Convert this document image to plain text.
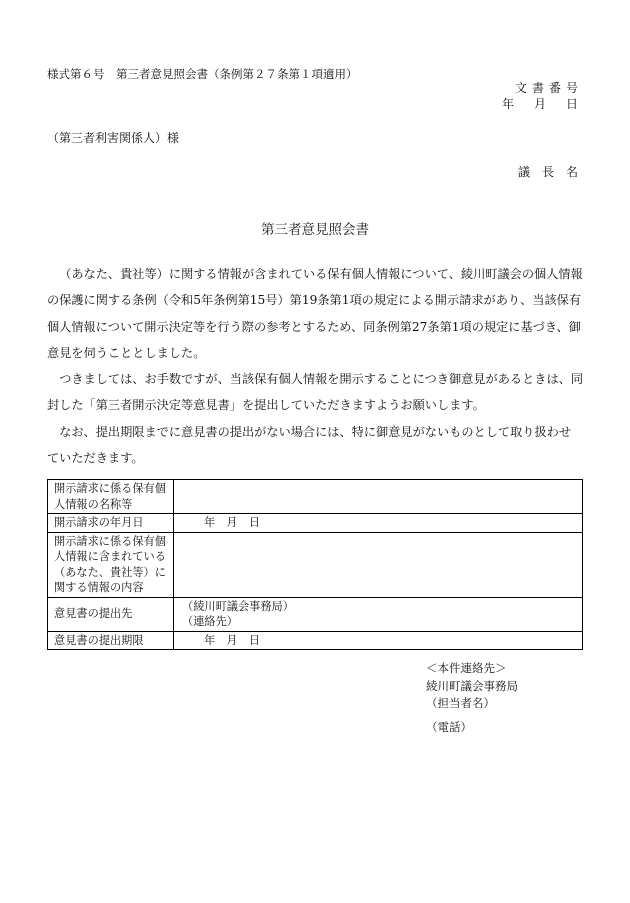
様式第６号　第三者意見照会書（条例第２７条第１項適用）
文書番号
年　月　日
（第三者利害関係人）様
議長名
第三者意見照会書

（あなた、貴社等）に関する情報が含まれている保有個人情報について、綾川町議会の個人情報の保護に関する条例（令和5年条例第15号）第19条第1項の規定による開示請求があり、当該保有個人情報について開示決定等を行う際の参考とするため、同条例第27条第1項の規定に基づき、御意見を伺うこととしました。

つきましては、お手数ですが、当該保有個人情報を開示することにつき御意見があるときは、同封した「第三者開示決定等意見書」を提出していただきますようお願いします。

なお、提出期限までに意見書の提出がない場合には、特に御意見がないものとして取り扱わせていただきます。

開示請求に係る保有個人情報の名称等	
開示請求の年月日	年　月　日
開示請求に係る保有個人情報に含まれている（あなた、貴社等）に関する情報の内容	
意見書の提出先	（綾川町議会事務局）
（連絡先）

意見書の提出期限	年　月　日
＜本件連絡先＞
綾川町議会事務局
（担当者名）
（電話）
